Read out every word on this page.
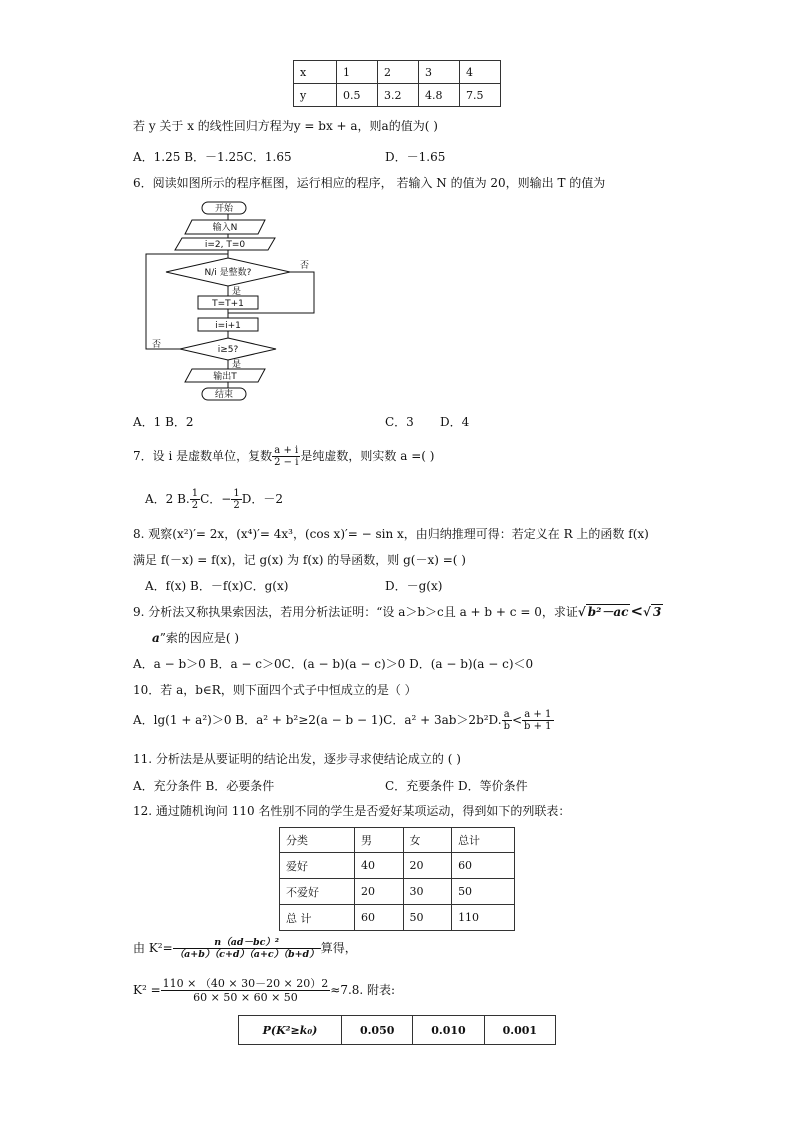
x	1	2	3	4
y	0.5	3.2	4.8	7.5
若 y 关于 x 的线性回归方程为y = bx + a，则a的值为( )
A．1.25 B．－1.25C．1.65	D．－1.65
6．阅读如图所示的程序框图，运行相应的程序， 若输入 N 的值为 20，则输出 T 的值为
开始
输入N
i=2, T=0
N/i 是整数?
否
是
T=T+1
i=i+1
i≥5?
否
是
输出T
结束
A．1 B．2	C．3 D．4
7．设 i 是虚数单位，复数 $\frac{a + i}{2 - i}$ 是纯虚数，则实数 a =( )
A．2 B. $\frac{1}{2}$ C．− $\frac{1}{2}$ D．－2
8. 观察(x²)′= 2x，(x⁴)′= 4x³，(cos x)′= − sin x，由归纳推理可得：若定义在 R 上的函数 f(x)
满足 f(－x) = f(x)，记 g(x) 为 f(x) 的导函数，则 g(－x) =( )
A．f(x) B．－f(x)C．g(x)	D．－g(x)
9. 分析法又称执果索因法，若用分析法证明：“设 a＞b＞c且 a + b + c = 0，求证√ b²－ac <√ 3
a”索的因应是( )
A．a − b＞0 B．a − c＞0C．(a − b)(a − c)＞0 D．(a − b)(a − c)＜0
10．若 a，b∈R，则下面四个式子中恒成立的是（ ）
A．lg(1 + a²)＞0 B．a² + b²≥2(a − b − 1)C．a² + 3ab＞2b²D. $\frac{a}{b} < \frac{a + 1}{b + 1}$
11. 分析法是从要证明的结论出发，逐步寻求使结论成立的 ( )
A．充分条件 B．必要条件	C．充要条件 D．等价条件
12. 通过随机询问 110 名性别不同的学生是否爱好某项运动，得到如下的列联表：
分类	男	女	总计
爱好	40	20	60
不爱好	20	30	50
总 计	60	50	110
由 $K^2= \frac{\text{n（ad－bc）²}}{(a+b)(c+d)(a+c)(b+d)}$ 算得，
$K^2 = \frac{110 \times (40 \times 30-20 \times 20)2}{60 \times 50 \times 60 \times 50} \approx 7.8$. 附表:
P(K²≥k₀)	0.050	0.010	0.001
